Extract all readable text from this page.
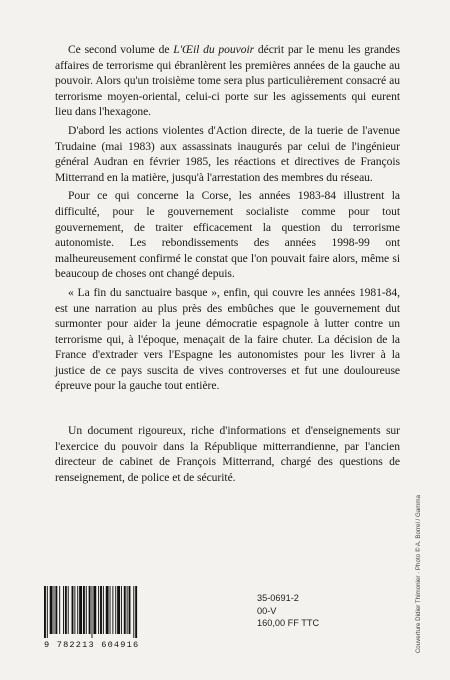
Ce second volume de L'Œil du pouvoir décrit par le menu les grandes affaires de terrorisme qui ébranlèrent les premières années de la gauche au pouvoir. Alors qu'un troisième tome sera plus particulièrement consacré au terrorisme moyen-oriental, celui-ci porte sur les agissements qui eurent lieu dans l'hexagone.

D'abord les actions violentes d'Action directe, de la tuerie de l'avenue Trudaine (mai 1983) aux assassinats inaugurés par celui de l'ingénieur général Audran en février 1985, les réactions et directives de François Mitterrand en la matière, jusqu'à l'arrestation des membres du réseau.

Pour ce qui concerne la Corse, les années 1983-84 illustrent la difficulté, pour le gouvernement socialiste comme pour tout gouvernement, de traiter efficacement la question du terrorisme autonomiste. Les rebondissements des années 1998-99 ont malheureusement confirmé le constat que l'on pouvait faire alors, même si beaucoup de choses ont changé depuis.

« La fin du sanctuaire basque », enfin, qui couvre les années 1981-84, est une narration au plus près des embûches que le gouvernement dut surmonter pour aider la jeune démocratie espagnole à lutter contre un terrorisme qui, à l'époque, menaçait de la faire chuter. La décision de la France d'extrader vers l'Espagne les autonomistes pour les livrer à la justice de ce pays suscita de vives controverses et fut une douloureuse épreuve pour la gauche tout entière.

Un document rigoureux, riche d'informations et d'enseignements sur l'exercice du pouvoir dans la République mitterrandienne, par l'ancien directeur de cabinet de François Mitterrand, chargé des questions de renseignement, de police et de sécurité.

Couverture Didier Thimonier · Photo © A. Borrel / Gamma
9 782213 604916
35-0691-2
00-V
160,00 FF TTC
